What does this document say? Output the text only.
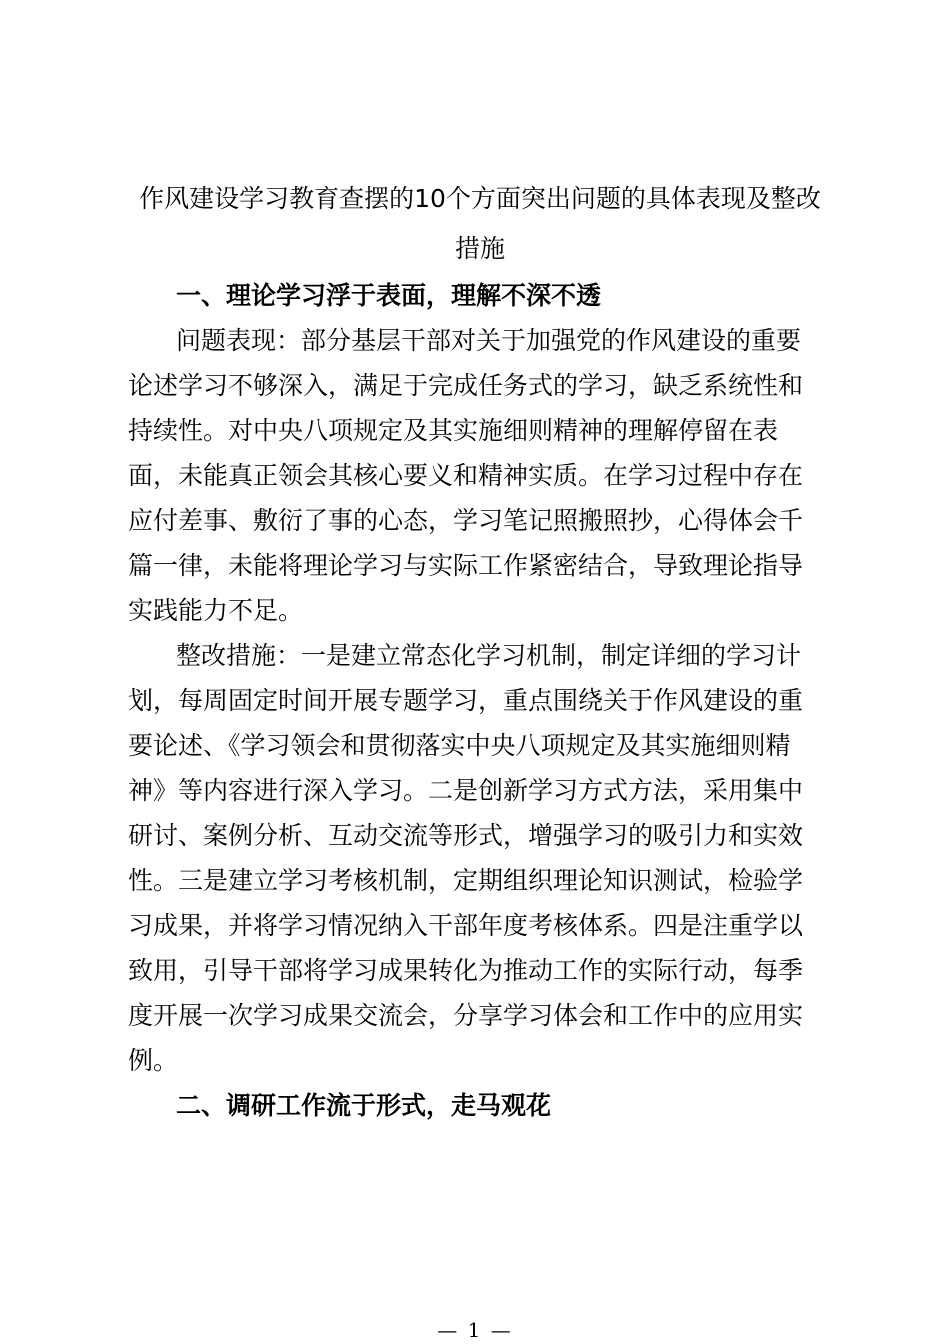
作风建设学习教育查摆的10个方面突出问题的具体表现及整改
措施
一、理论学习浮于表面，理解不深不透

问题表现：部分基层干部对关于加强党的作风建设的重要

论述学习不够深入，满足于完成任务式的学习，缺乏系统性和

持续性。对中央八项规定及其实施细则精神的理解停留在表

面，未能真正领会其核心要义和精神实质。在学习过程中存在

应付差事、敷衍了事的心态，学习笔记照搬照抄，心得体会千

篇一律，未能将理论学习与实际工作紧密结合，导致理论指导

实践能力不足。

整改措施：一是建立常态化学习机制，制定详细的学习计

划，每周固定时间开展专题学习，重点围绕关于作风建设的重

要论述、《学习领会和贯彻落实中央八项规定及其实施细则精

神》等内容进行深入学习。二是创新学习方式方法，采用集中

研讨、案例分析、互动交流等形式，增强学习的吸引力和实效

性。三是建立学习考核机制，定期组织理论知识测试，检验学

习成果，并将学习情况纳入干部年度考核体系。四是注重学以

致用，引导干部将学习成果转化为推动工作的实际行动，每季

度开展一次学习成果交流会，分享学习体会和工作中的应用实

例。

二、调研工作流于形式，走马观花
— 1 —
